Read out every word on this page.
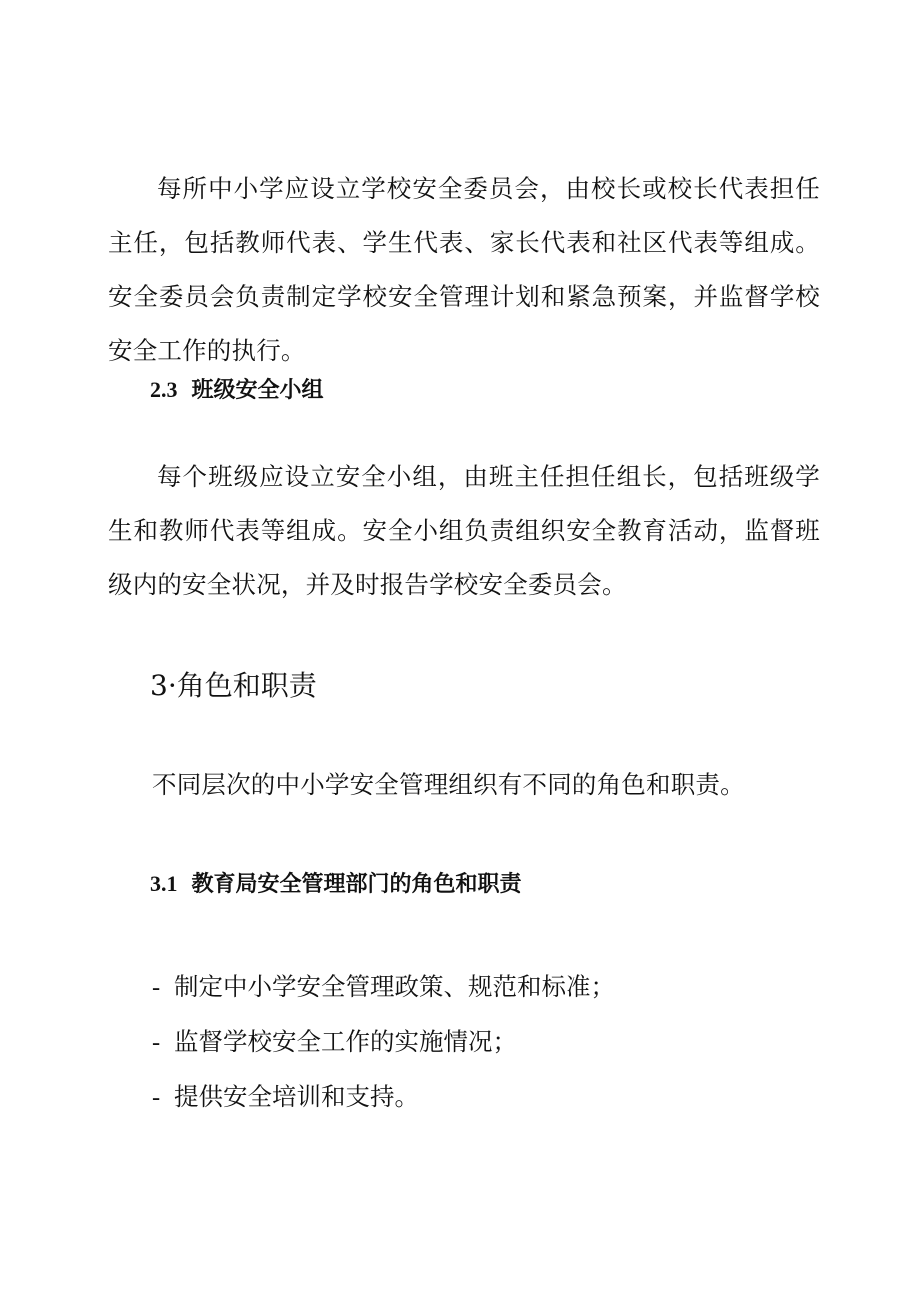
每所中小学应设立学校安全委员会，由校长或校长代表担任主任，包括教师代表、学生代表、家长代表和社区代表等组成。安全委员会负责制定学校安全管理计划和紧急预案，并监督学校安全工作的执行。

2.3 班级安全小组

每个班级应设立安全小组，由班主任担任组长，包括班级学生和教师代表等组成。安全小组负责组织安全教育活动，监督班级内的安全状况，并及时报告学校安全委员会。

3·角色和职责

不同层次的中小学安全管理组织有不同的角色和职责。

3.1 教育局安全管理部门的角色和职责
- 制定中小学安全管理政策、规范和标准；
- 监督学校安全工作的实施情况；
- 提供安全培训和支持。
